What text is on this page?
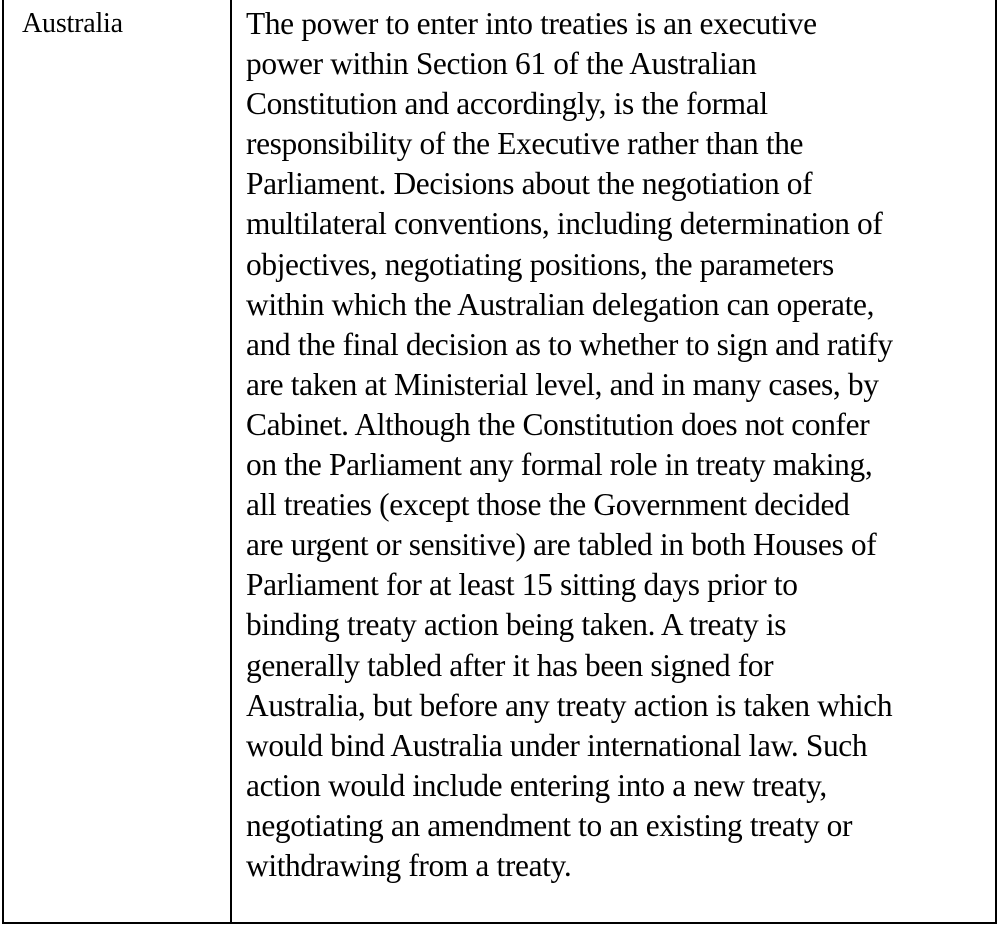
Australia	The power to enter into treaties is an executive
power within Section 61 of the Australian
Constitution and accordingly, is the formal
responsibility of the Executive rather than the
Parliament. Decisions about the negotiation of
multilateral conventions, including determination of
objectives, negotiating positions, the parameters
within which the Australian delegation can operate,
and the final decision as to whether to sign and ratify
are taken at Ministerial level, and in many cases, by
Cabinet. Although the Constitution does not confer
on the Parliament any formal role in treaty making,
all treaties (except those the Government decided
are urgent or sensitive) are tabled in both Houses of
Parliament for at least 15 sitting days prior to
binding treaty action being taken. A treaty is
generally tabled after it has been signed for
Australia, but before any treaty action is taken which
would bind Australia under international law. Such
action would include entering into a new treaty,
negotiating an amendment to an existing treaty or
withdrawing from a treaty.
